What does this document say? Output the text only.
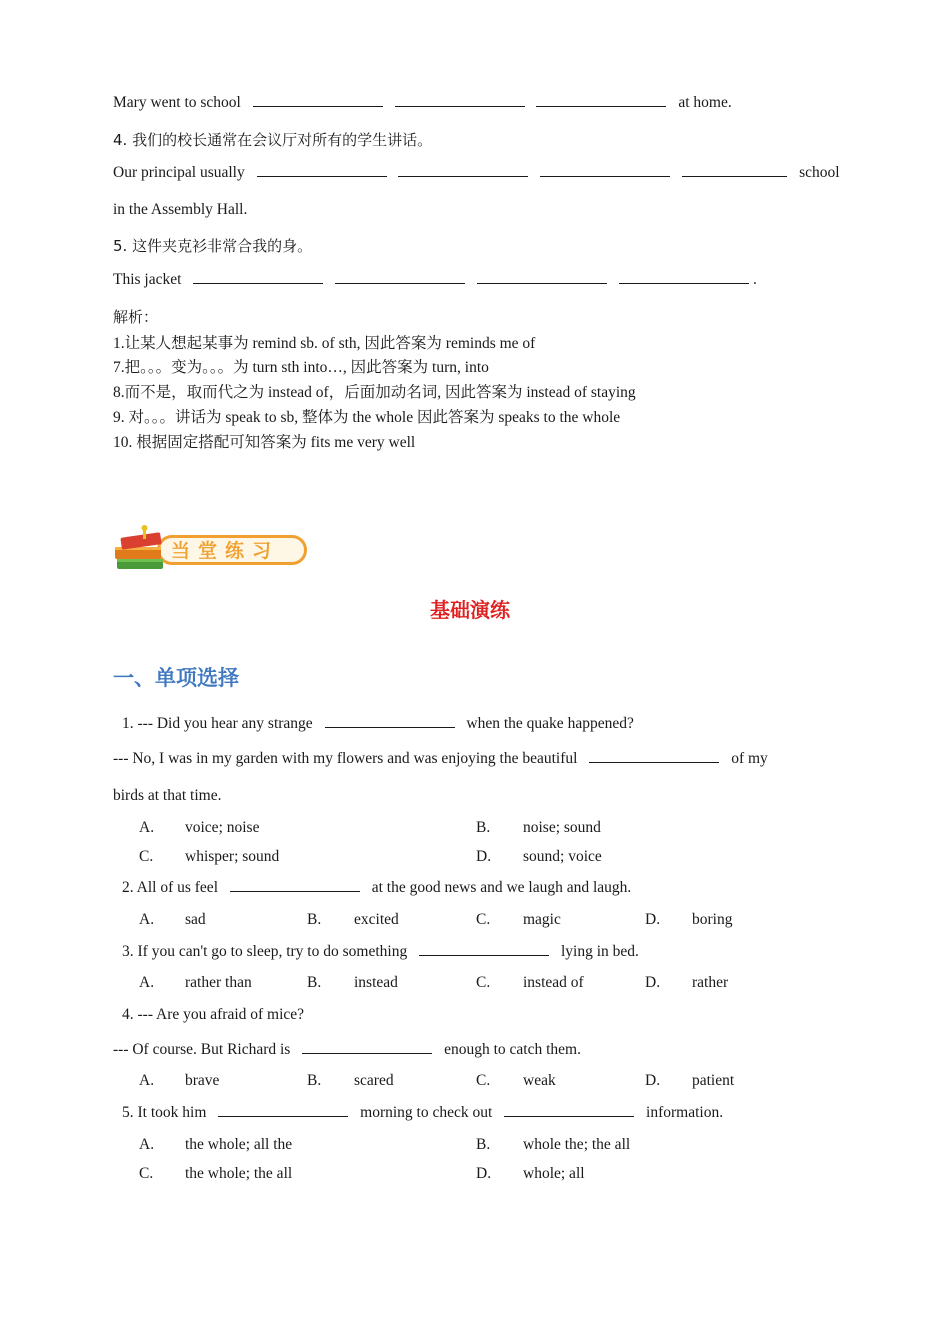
Mary went to school	at home.
4. 我们的校长通常在会议厅对所有的学生讲话。
Our principal usually	school
in the Assembly Hall.
5. 这件夹克衫非常合我的身。
This jacket	.
解析：
1.让某人想起某事为 remind sb. of sth, 因此答案为 reminds me of
7.把。。。变为。。。为 turn sth into…, 因此答案为 turn, into
8.而不是，取而代之为 instead of，后面加动名词, 因此答案为 instead of staying
9. 对。。。讲话为 speak to sb, 整体为 the whole 因此答案为 speaks to the whole
10. 根据固定搭配可知答案为 fits me very well
当堂练习
基础演练
一、单项选择
1. --- Did you hear any strange	when the quake happened?
--- No, I was in my garden with my flowers and was enjoying the beautiful	of my
birds at that time.
A. voice; noise	B. noise; sound
C. whisper; sound	D. sound; voice
2. All of us feel	at the good news and we laugh and laugh.
A. sad	B. excited	C. magic	D. boring
3. If you can't go to sleep, try to do something	lying in bed.
A. rather than	B. instead	C. instead of	D. rather
4. --- Are you afraid of mice?
--- Of course. But Richard is	enough to catch them.
A. brave	B. scared	C. weak	D. patient
5. It took him	morning to check out	information.
A. the whole; all the	B. whole the; the all
C. the whole; the all	D. whole; all
